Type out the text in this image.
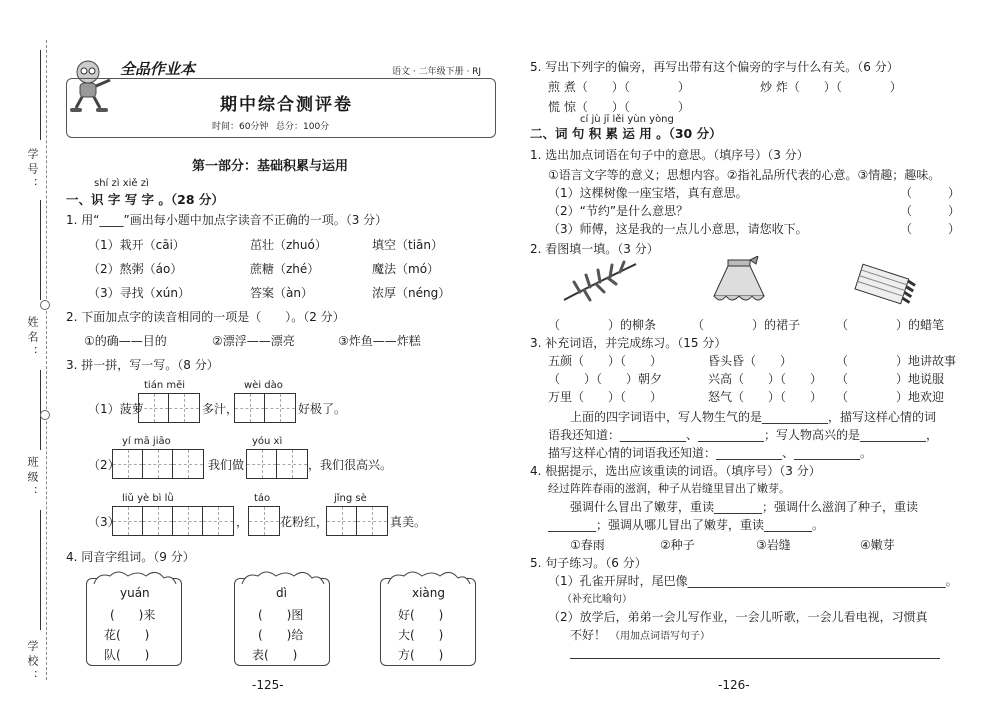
学号：
姓名：
班级：
学校：
全品作业本	语文 · 二年级下册 · RJ
期中综合测评卷
时间：60分钟 总分：100分
第一部分：基础积累与运用
shí zì xiě zì
一、识 字 写 字 。（28 分）
1. 用“____”画出每小题中加点字读音不正确的一项。（3 分）
（1）栽开（cāi）	茁壮（zhuó）	填空（tiān）
（2）熬粥（áo）	蔗糖（zhé）	魔法（mó）
（3）寻找（xún）	答案（àn）	浓厚（néng）
2. 下面加点字的读音相同的一项是（　　）。（2 分）
①的确——目的	②漂浮——漂亮	③炸鱼——炸糕
3. 拼一拼，写一写。（8 分）
tián mēi	wèi dào
（1）菠萝	多汁，	好极了。
yí mā jiāo	yóu xì
（2）	我们做	，我们很高兴。
liǔ yè bì lǜ	táo	jǐng sè
（3）	，	花粉红，	真美。
4. 同音字组词。（9 分）
yuán
(　　)来
花(　　)
队(　　)
dì
(　　)图
(　　)给
表(　　)
xiàng
好(　　)
大(　　)
方(　　)
-125-
5. 写出下列字的偏旁，再写出带有这个偏旁的字与什么有关。（6 分）
煎 煮（　　）（　　　　）	炒 炸（　　）（　　　　）
慌 惊（　　）（　　　　）
cí jù jī lěi yùn yòng
二、词 句 积 累 运 用 。（30 分）
1. 选出加点词语在句子中的意思。（填序号）（3 分）
①语言文字等的意义；思想内容。②指礼品所代表的心意。③情趣；趣味。
（1）这棵树像一座宝塔，真有意思。	（　　　）
（2）“节约”是什么意思？	（　　　）
（3）师傅，这是我的一点儿小意思，请您收下。	（　　　）
2. 看图填一填。（3 分）
（　　　　）的柳条	（　　　　）的裙子	（　　　　）的蜡笔
3. 补充词语，并完成练习。（15 分）
五颜（　　）（　　）	昏头昏（　　）	（　　　　）地讲故事
（　　）（　　）朝夕	兴高（　　）（　　） （　　　　）地说服
万里（　　）（　　）	怒气（　　）（　　） （　　　　）地欢迎
上面的四字词语中，写人物生气的是___________，描写这样心情的词
语我还知道：___________、___________；写人物高兴的是___________，
描写这样心情的词语我还知道：___________、___________。
4. 根据提示，选出应该重读的词语。（填序号）（3 分）
经过阵阵春雨的滋润，种子从岩缝里冒出了嫩芽。
强调什么冒出了嫩芽，重读________；强调什么滋润了种子，重读
________；强调从哪儿冒出了嫩芽，重读________。
①春雨	②种子	③岩缝	④嫩芽
5. 句子练习。（6 分）
（1）孔雀开屏时，尾巴像___________________________________________。
（补充比喻句）
（2）放学后，弟弟一会儿写作业，一会儿听歌，一会儿看电视，习惯真
不好！ （用加点词语写句子）
-126-
